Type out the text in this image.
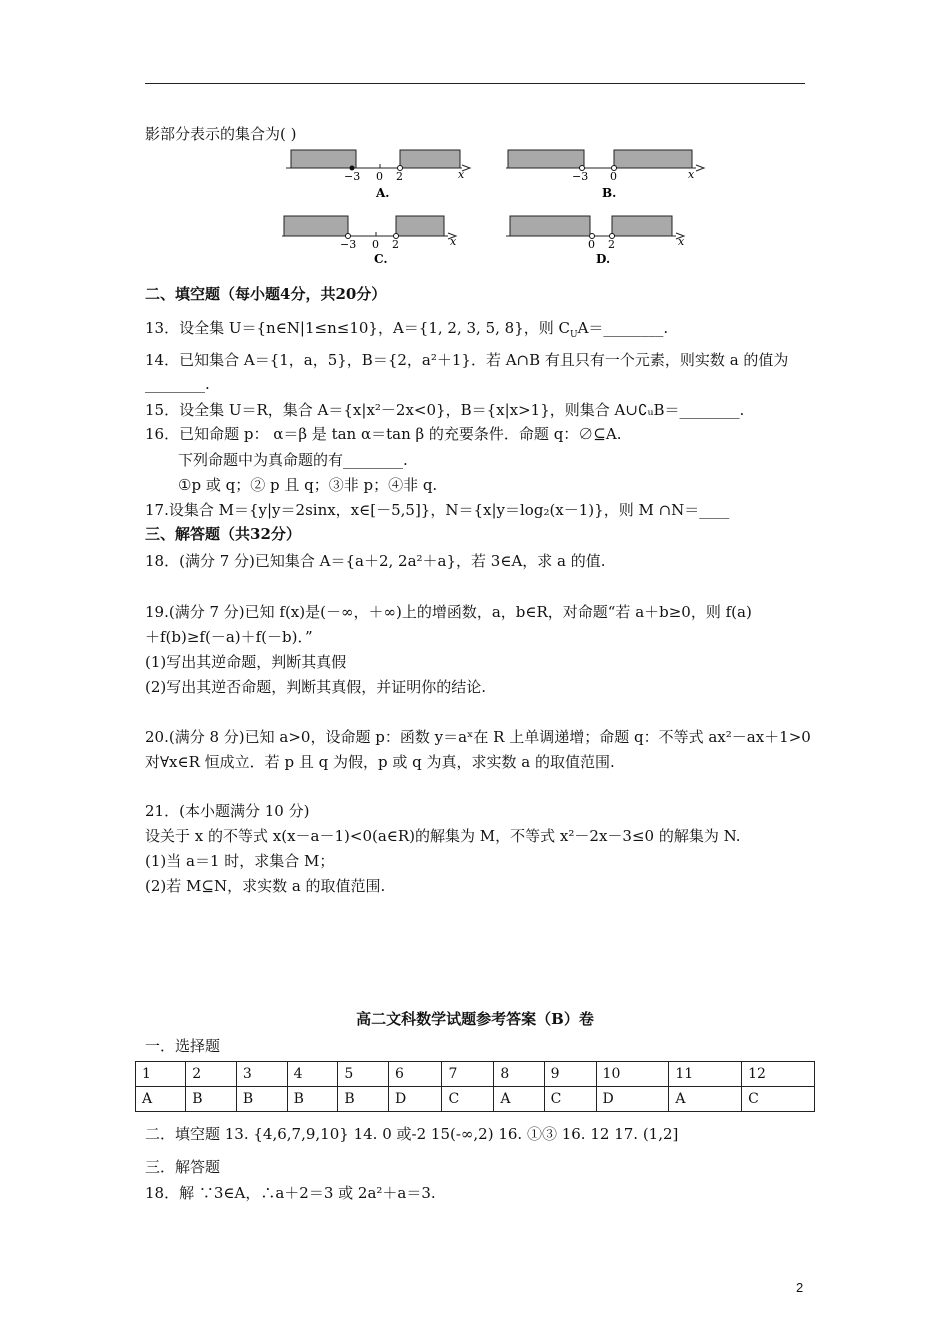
影部分表示的集合为( )
−3 0 2	x
A.
−3 0	x
B.
−3 0 2	x
C.
0 2	x
D.
二、填空题（每小题4分，共20分）
13．设全集 U＝{n∈N|1≤n≤10}，A＝{1, 2, 3, 5, 8}，则 $C_UA=\_\_\_\_\_\_\_\_$.
14．已知集合 A＝{1，a，5}，B＝{2，a²＋1}．若 A∩B 有且只有一个元素，则实数 a 的值为
________.
15．设全集 U＝R，集合 A＝{x|x²－2x<0}，B＝{x|x>1}，则集合 A∪∁ᵤB＝________.
16．已知命题 p： α＝β 是 tan α＝tan β 的充要条件．命题 q：∅⊆A.
下列命题中为真命题的有________.
①p 或 q；② p 且 q；③非 p；④非 q.
17.设集合 M＝{y|y＝2sinx，x∈[－5,5]}，N＝{x|y＝log₂(x－1)}，则 M ∩N＝____
三、解答题（共32分）
18．(满分 7 分)已知集合 A＝{a＋2, 2a²＋a}，若 3∈A，求 a 的值.
19.(满分 7 分)已知 f(x)是(－∞，＋∞)上的增函数，a，b∈R，对命题“若 a＋b≥0，则 f(a)
＋f(b)≥f(－a)＋f(－b)．”
(1)写出其逆命题，判断其真假
(2)写出其逆否命题，判断其真假，并证明你的结论.
20.(满分 8 分)已知 a>0，设命题 p：函数 y＝aˣ在 R 上单调递增；命题 q：不等式 ax²－ax＋1>0
对∀x∈R 恒成立．若 p 且 q 为假，p 或 q 为真，求实数 a 的取值范围.
21．(本小题满分 10 分)
设关于 x 的不等式 x(x－a－1)<0(a∈R)的解集为 M，不等式 x²－2x－3≤0 的解集为 N.
(1)当 a＝1 时，求集合 M；
(2)若 M⊆N，求实数 a 的取值范围.
高二文科数学试题参考答案（B）卷
一．选择题
1	2	3	4	5	6	7	8	9	10	11	12
A	B	B	B	B	D	C	A	C	D	A	C
二．填空题 13. {4,6,7,9,10} 14. 0 或-2 15(-∞,2) 16. ①③ 16. 12 17. (1,2]
三．解答题
18．解 ∵3∈A，∴a＋2＝3 或 2a²＋a＝3.
2
